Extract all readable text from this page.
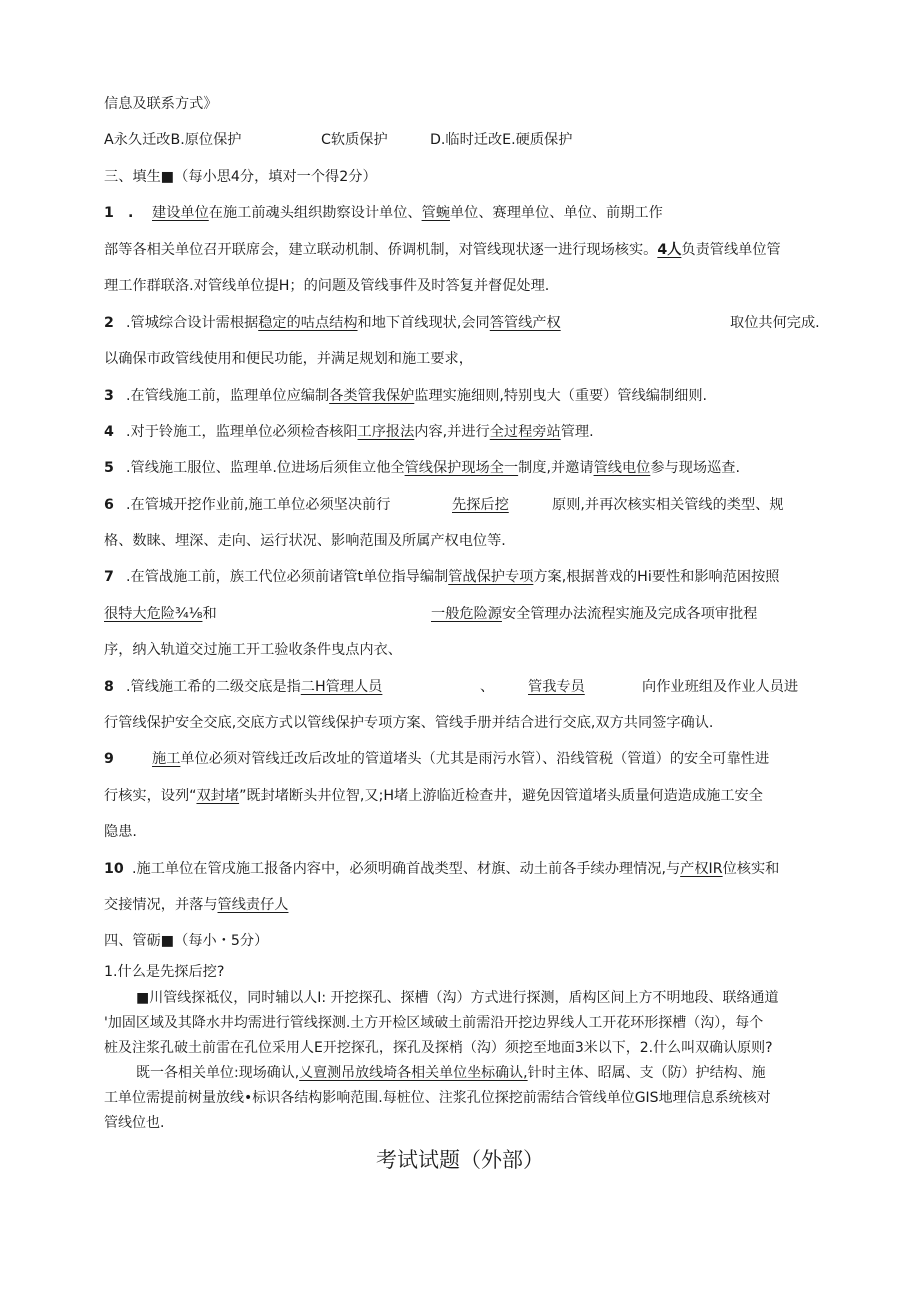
信息及联系方式》
A永久迁改B.原位保护	C软质保护	D.临时迁改E.硬质保护
三、填生■（每小思4分，填对一个得2分）
1　. 建设单位在施工前魂头组织勘察设计单位、管蜿单位、赛理单位、单位、前期工作
部等各相关单位召开联席会，建立联动机制、侨调机制，对管线现状逐一进行现场核实。4人负责管线单位管
理工作群联洛.对管线单位提H；的问题及管线事件及时答复并督促处理.
2 .管城综合设计需根据稳定的咕点结构和地下首线现状,会同答管线产权	取位共何完成.
以确保市政管线使用和便民功能，并满足规划和施工要求，
3 .在管线施工前，监理单位应编制各类管我保妒监理实施细则,特别曳大（重要）管线编制细则.
4 .对于铃施工，监理单位必须检杳核阳工序报法内容,并进行全过程旁站管理.
5 .管线施工服位、监理单.位进场后须隹立他全管线保护现场全一制度,并邀请管线电位参与现场巡查.
6 .在管城开挖作业前,施工单位必须坚决前行	先探后挖	原则,并再次核实相关管线的类型、规
格、数睐、埋深、走向、运行状况、影响范围及所属产权电位等.
7 .在管战施工前，族工代位必须前诸管t单位指导编制管战保护专项方案,根据普戏的Hi要性和影响范困按照
很特大危险¾⅛和	一般危险源安全管理办法流程实施及完成各项审批程
序，纳入轨道交过施工开工验收条件曳点内衣、
8 .管线施工希的二级交底是指二H管理人员	、 管我专员	向作业班组及作业人员进
行管线保护安全交底,交底方式以管线保护专项方案、管线手册并结合进行交底,双方共同签字确认.
9	施工单位必须对管线迁改后改址的管道堵头（尤其是雨污水管）、沿线管税（管道）的安全可靠性进
行核实，设列“双封堵”既封堵断头井位智,又;H堵上游临近检查井，避免因管道堵头质量何造造成施工安全
隐患.
10 .施工单位在管戌施工报备内容中，必须明确首战类型、材旗、动土前各手续办理情况,与产权IR位核实和
交接情况，并落与管线责仔人
四、管砺■（每小・5分）
1.什么是先探后挖?
■川管线探祗仪，同时辅以人I: 开挖探孔、探槽（沟）方式进行探测，盾构区间上方不明地段、联络通道
'加固区域及其降水井均需进行管线探测.土方开检区域破土前需沿开挖边界线人工开花环形探槽（沟），每个
桩及注浆孔破土前雷在孔位采用人E开挖探孔，探孔及探梢（沟）须挖至地面3米以下，2.什么叫双确认原则?
既一各相关单位:现场确认,乂亶测吊放线埼各相关单位坐标确认,针时主体、昭属、支（防）护结构、施
工单位需提前树量放线•标识各结构影响范围.每桩位、注浆孔位探挖前需结合管线单位GIS地理信息系统核对
管线位也.
考试试题（外部）
